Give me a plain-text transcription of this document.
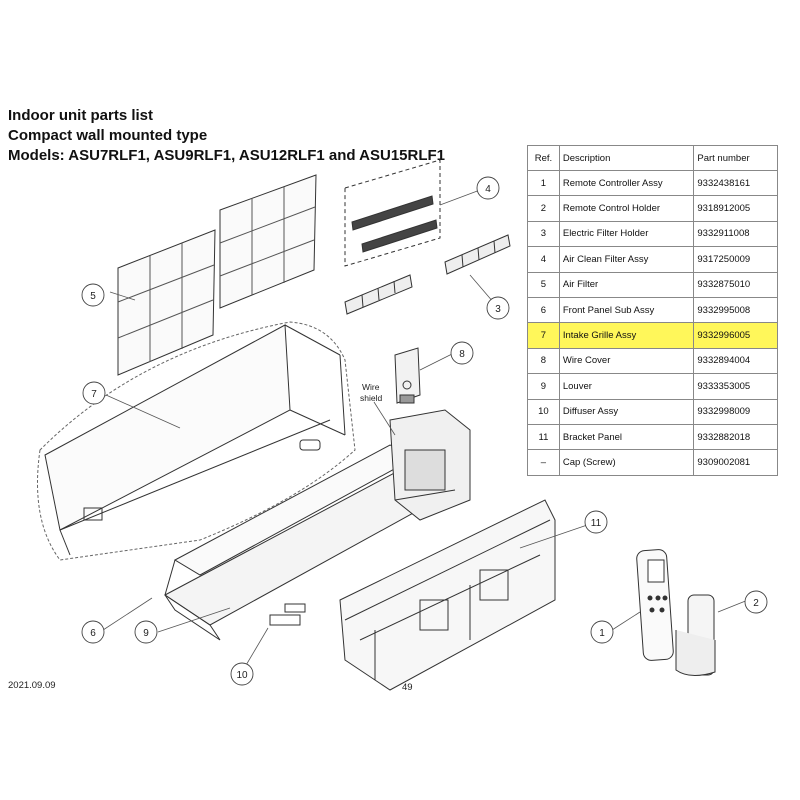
Indoor unit parts list
Compact wall mounted type
Models: ASU7RLF1, ASU9RLF1, ASU12RLF1 and ASU15RLF1
5
7
6	9
10
11
4
3
8
1
2
Wire
shield
Ref.	Description	Part number
1	Remote Controller Assy	9332438161
2	Remote Control Holder	9318912005
3	Electric Filter Holder	9332911008
4	Air Clean Filter Assy	9317250009
5	Air Filter	9332875010
6	Front Panel Sub Assy	9332995008
7	Intake Grille Assy	9332996005
8	Wire Cover	9332894004
9	Louver	9333353005
10	Diffuser Assy	9332998009
11	Bracket Panel	9332882018
–	Cap (Screw)	9309002081
2021.09.09	49
